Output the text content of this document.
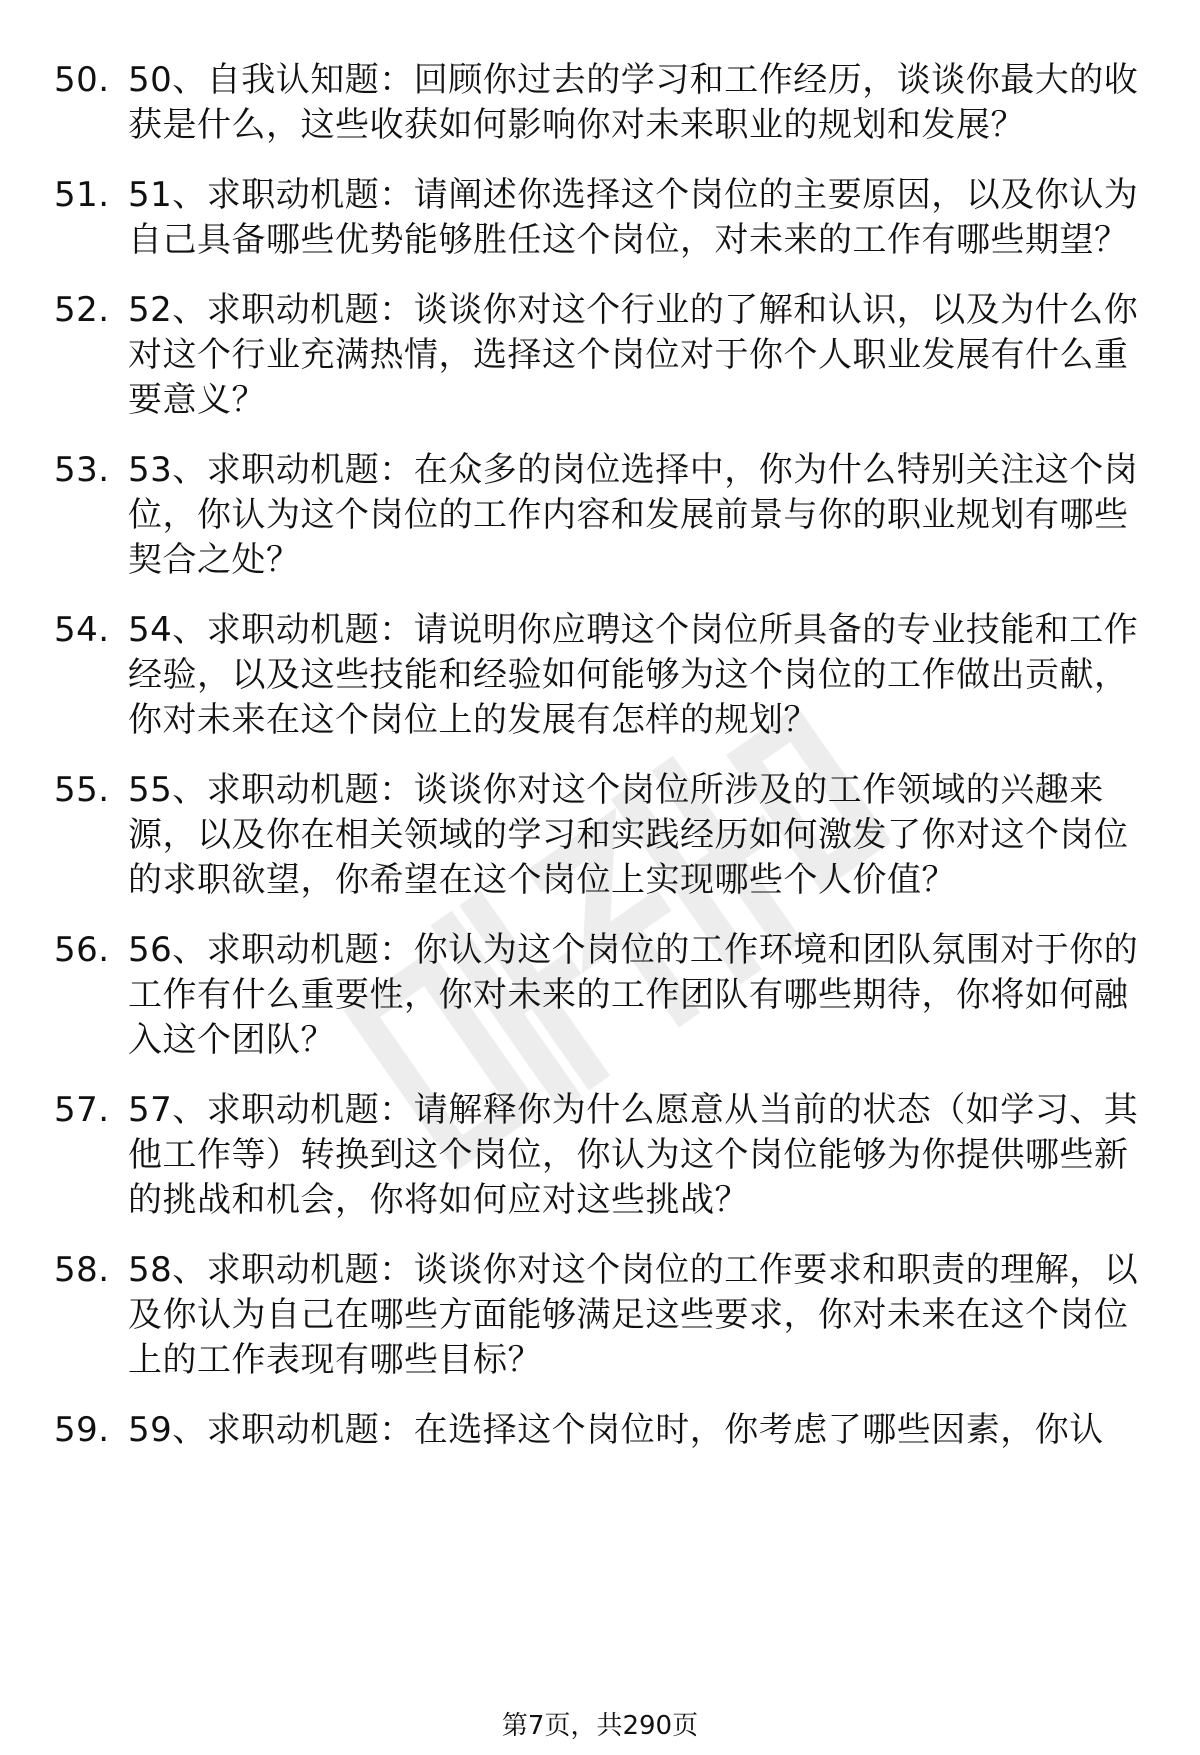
50. 50、自我认知题：回顾你过去的学习和工作经历，谈谈你最大的收获是什么，这些收获如何影响你对未来职业的规划和发展？
51. 51、求职动机题：请阐述你选择这个岗位的主要原因，以及你认为自己具备哪些优势能够胜任这个岗位，对未来的工作有哪些期望？
52. 52、求职动机题：谈谈你对这个行业的了解和认识，以及为什么你对这个行业充满热情，选择这个岗位对于你个人职业发展有什么重要意义？
53. 53、求职动机题：在众多的岗位选择中，你为什么特别关注这个岗位，你认为这个岗位的工作内容和发展前景与你的职业规划有哪些契合之处？
54. 54、求职动机题：请说明你应聘这个岗位所具备的专业技能和工作经验，以及这些技能和经验如何能够为这个岗位的工作做出贡献，你对未来在这个岗位上的发展有怎样的规划？
55. 55、求职动机题：谈谈你对这个岗位所涉及的工作领域的兴趣来源，以及你在相关领域的学习和实践经历如何激发了你对这个岗位的求职欲望，你希望在这个岗位上实现哪些个人价值？
56. 56、求职动机题：你认为这个岗位的工作环境和团队氛围对于你的工作有什么重要性，你对未来的工作团队有哪些期待，你将如何融入这个团队？
57. 57、求职动机题：请解释你为什么愿意从当前的状态（如学习、其他工作等）转换到这个岗位，你认为这个岗位能够为你提供哪些新的挑战和机会，你将如何应对这些挑战？
58. 58、求职动机题：谈谈你对这个岗位的工作要求和职责的理解，以及你认为自己在哪些方面能够满足这些要求，你对未来在这个岗位上的工作表现有哪些目标？
59. 59、求职动机题：在选择这个岗位时，你考虑了哪些因素，你认
第7页，共290页
